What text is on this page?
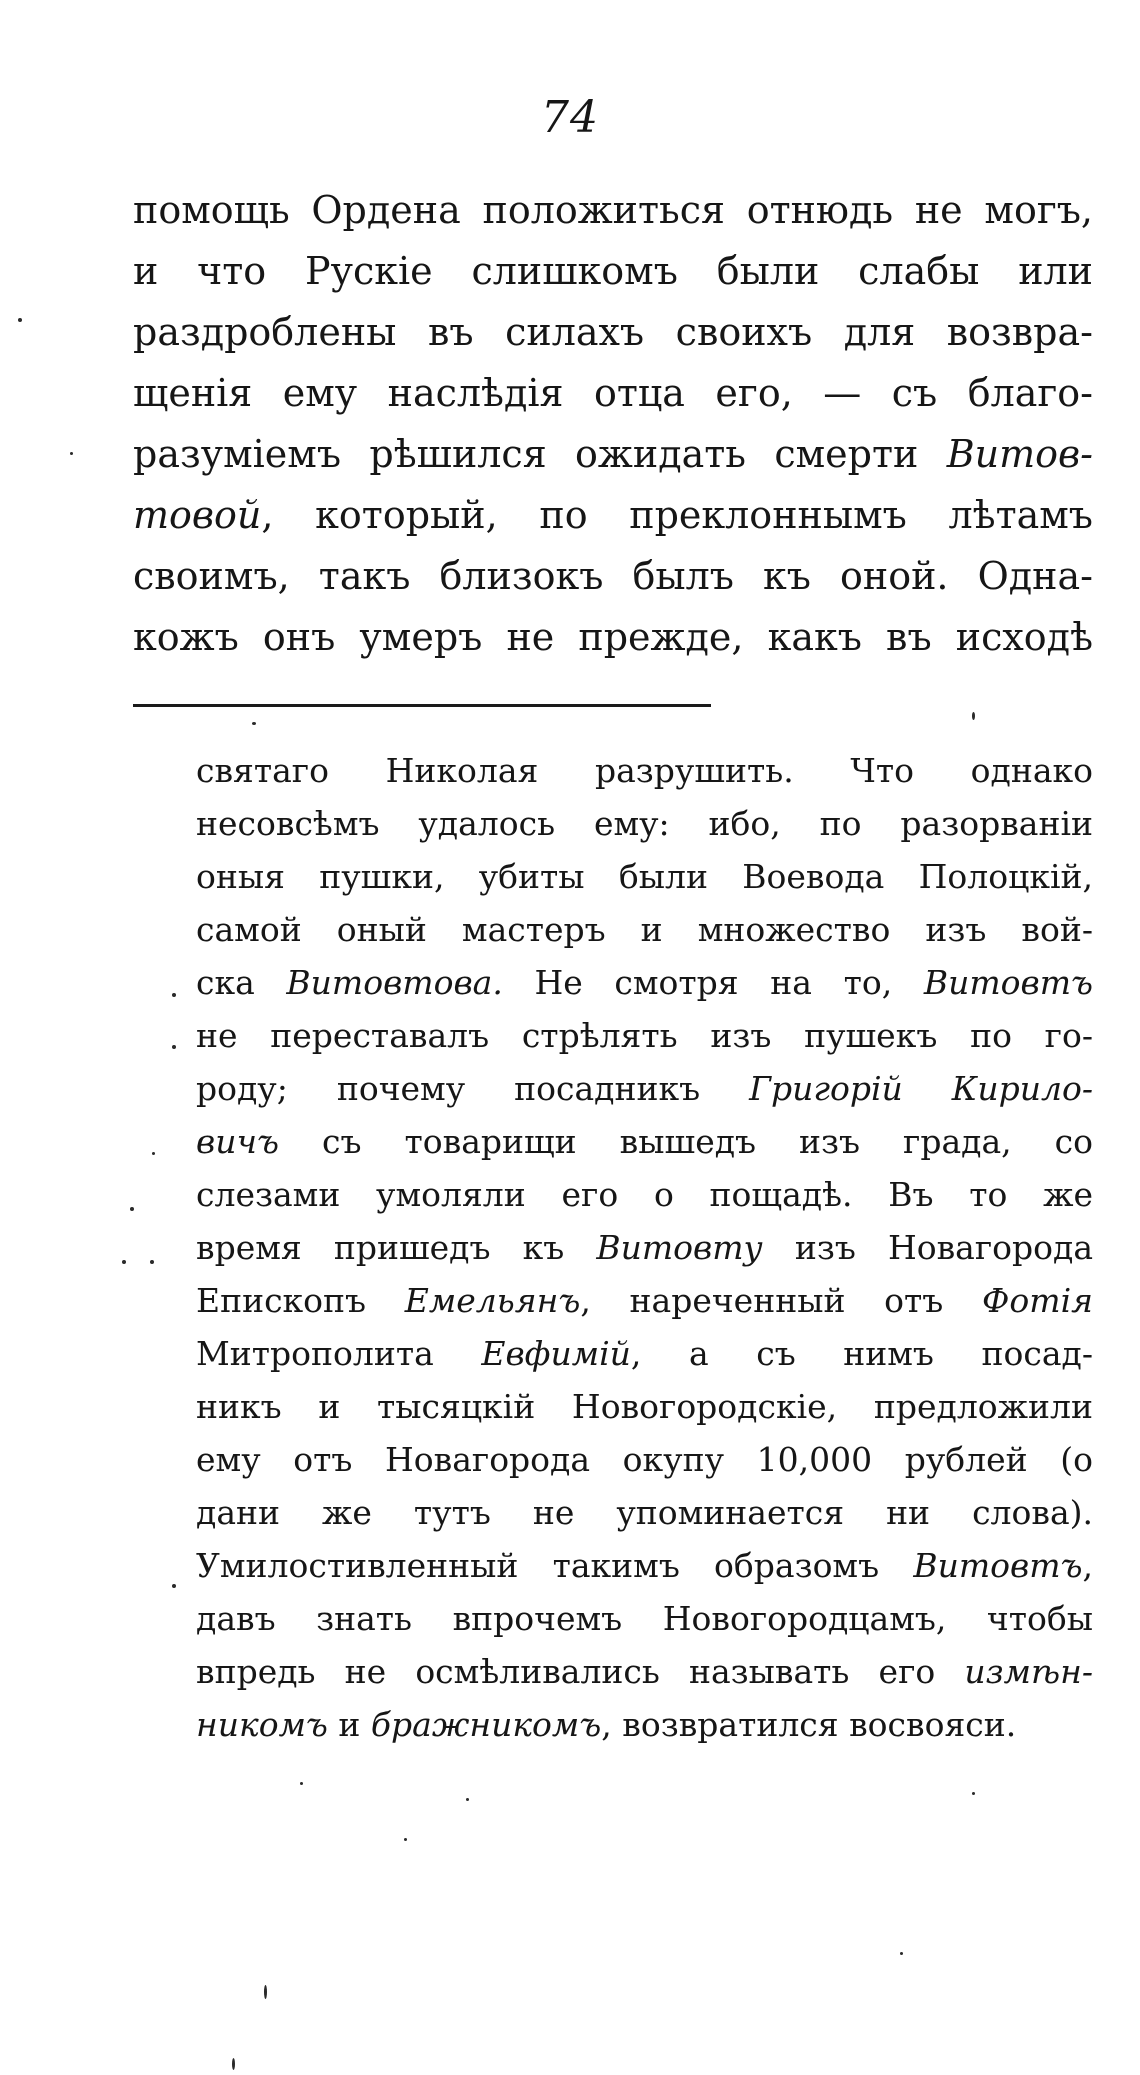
74
помощь Ордена положиться отнюдь не могъ,
и что Рускіе слишкомъ были слабы или
раздроблены въ силахъ своихъ для возвра-
щенія ему наслѣдія отца его, — съ благо-
разуміемъ рѣшился ожидать смерти Витов-
товой, который, по преклоннымъ лѣтамъ
своимъ, такъ близокъ былъ къ оной. Одна-
кожъ онъ умеръ не прежде, какъ въ исходѣ
святаго Николая разрушить. Что однако
несовсѣмъ удалось ему: ибо, по разорваніи
оныя пушки, убиты были Воевода Полоцкій,
самой оный мастеръ и множество изъ вой-
ска Витовтова. Не смотря на то, Витовтъ
не переставалъ стрѣлять изъ пушекъ по го-
роду; почему посадникъ Григорій Кирило-
вичъ съ товарищи вышедъ изъ града, со
слезами умоляли его о пощадѣ. Въ то же
время пришедъ къ Витовту изъ Новагорода
Епископъ Емельянъ, нареченный отъ Фотія
Митрополита Евфимій, а съ нимъ посад-
никъ и тысяцкій Новогородскіе, предложили
ему отъ Новагорода окупу 10,000 рублей (о
дани же тутъ не упоминается ни слова).
Умилостивленный такимъ образомъ Витовтъ,
давъ знать впрочемъ Новогородцамъ, чтобы
впредь не осмѣливались называть его измѣн-
никомъ и бражникомъ, возвратился восвояси.
